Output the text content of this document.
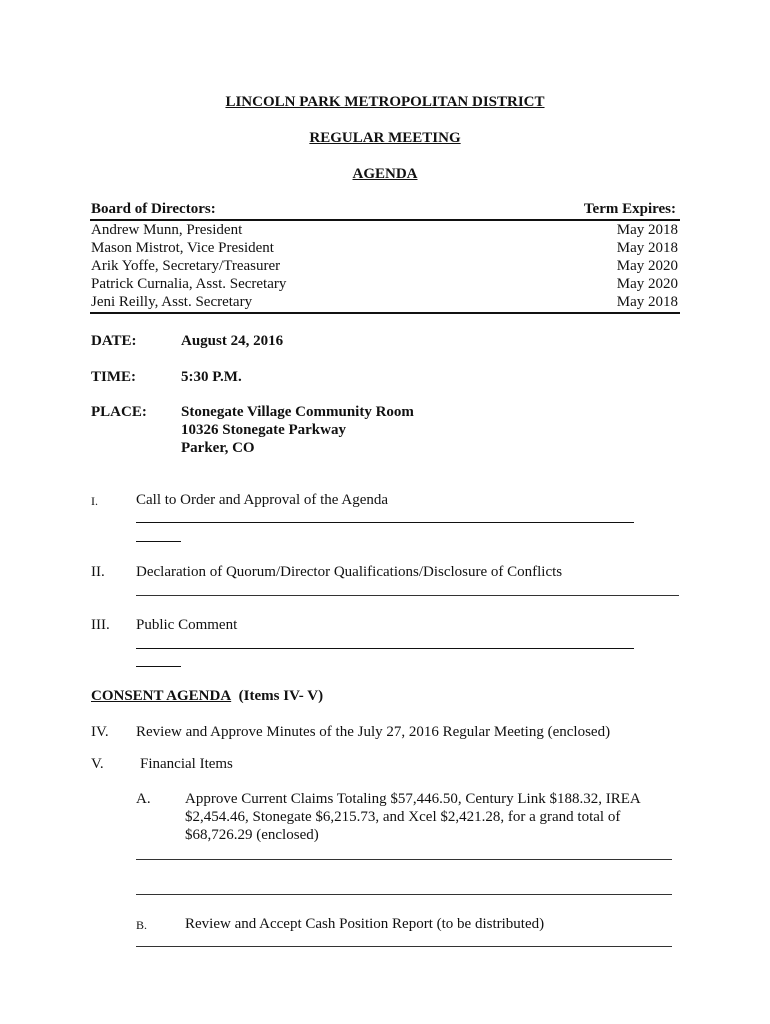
LINCOLN PARK METROPOLITAN DISTRICT
REGULAR MEETING
AGENDA
Board of Directors:	Term Expires:
Andrew Munn, President	May 2018
Mason Mistrot, Vice President	May 2018
Arik Yoffe, Secretary/Treasurer	May 2020
Patrick Curnalia, Asst. Secretary	May 2020
Jeni Reilly, Asst. Secretary	May 2018
DATE:	August 24, 2016
TIME:	5:30 P.M.
PLACE: Stonegate Village Community Room
10326 Stonegate Parkway
Parker, CO
I.	Call to Order and Approval of the Agenda
II. Declaration of Quorum/Director Qualifications/Disclosure of Conflicts
III. Public Comment
CONSENT AGENDA (Items IV- V)
IV. Review and Approve Minutes of the July 27, 2016 Regular Meeting (enclosed)
V. Financial Items
A. Approve Current Claims Totaling $57,446.50, Century Link $188.32, IREA
$2,454.46, Stonegate $6,215.73, and Xcel $2,421.28, for a grand total of
$68,726.29 (enclosed)
B.	Review and Accept Cash Position Report (to be distributed)
